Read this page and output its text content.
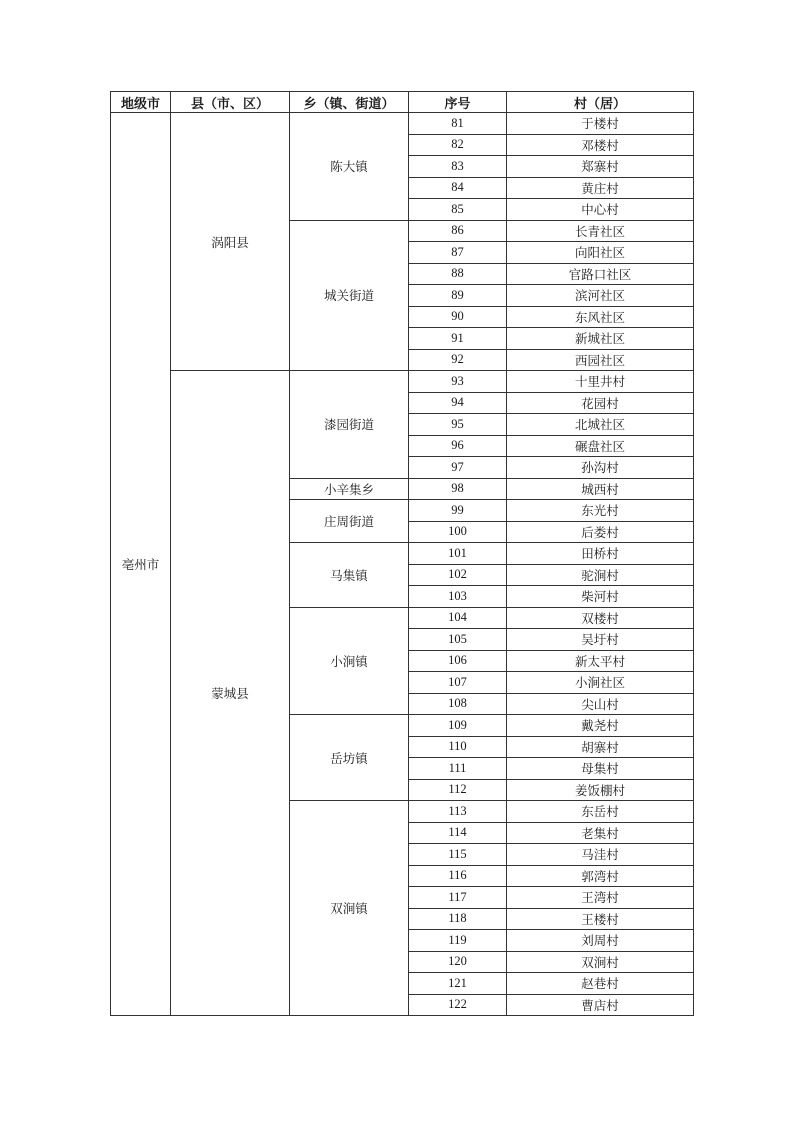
地级市	县（市、区）	乡（镇、街道）	序号	村（居）
亳州市	涡阳县	陈大镇	81	于楼村
			82	邓楼村
			83	郑寨村
			84	黄庄村
			85	中心村
		城关街道	86	长青社区
			87	向阳社区
			88	官路口社区
			89	滨河社区
			90	东风社区
			91	新城社区
			92	西园社区
	蒙城县	漆园街道	93	十里井村
			94	花园村
			95	北城社区
			96	碾盘社区
			97	孙沟村
		小辛集乡	98	城西村
		庄周街道	99	东光村
			100	后娄村
		马集镇	101	田桥村
			102	驼涧村
			103	柴河村
		小涧镇	104	双楼村
			105	吴圩村
			106	新太平村
			107	小涧社区
			108	尖山村
		岳坊镇	109	戴尧村
			110	胡寨村
			111	母集村
			112	姜饭棚村
		双涧镇	113	东岳村
			114	老集村
			115	马洼村
			116	郭湾村
			117	王湾村
			118	王楼村
			119	刘周村
			120	双涧村
			121	赵巷村
			122	曹店村
